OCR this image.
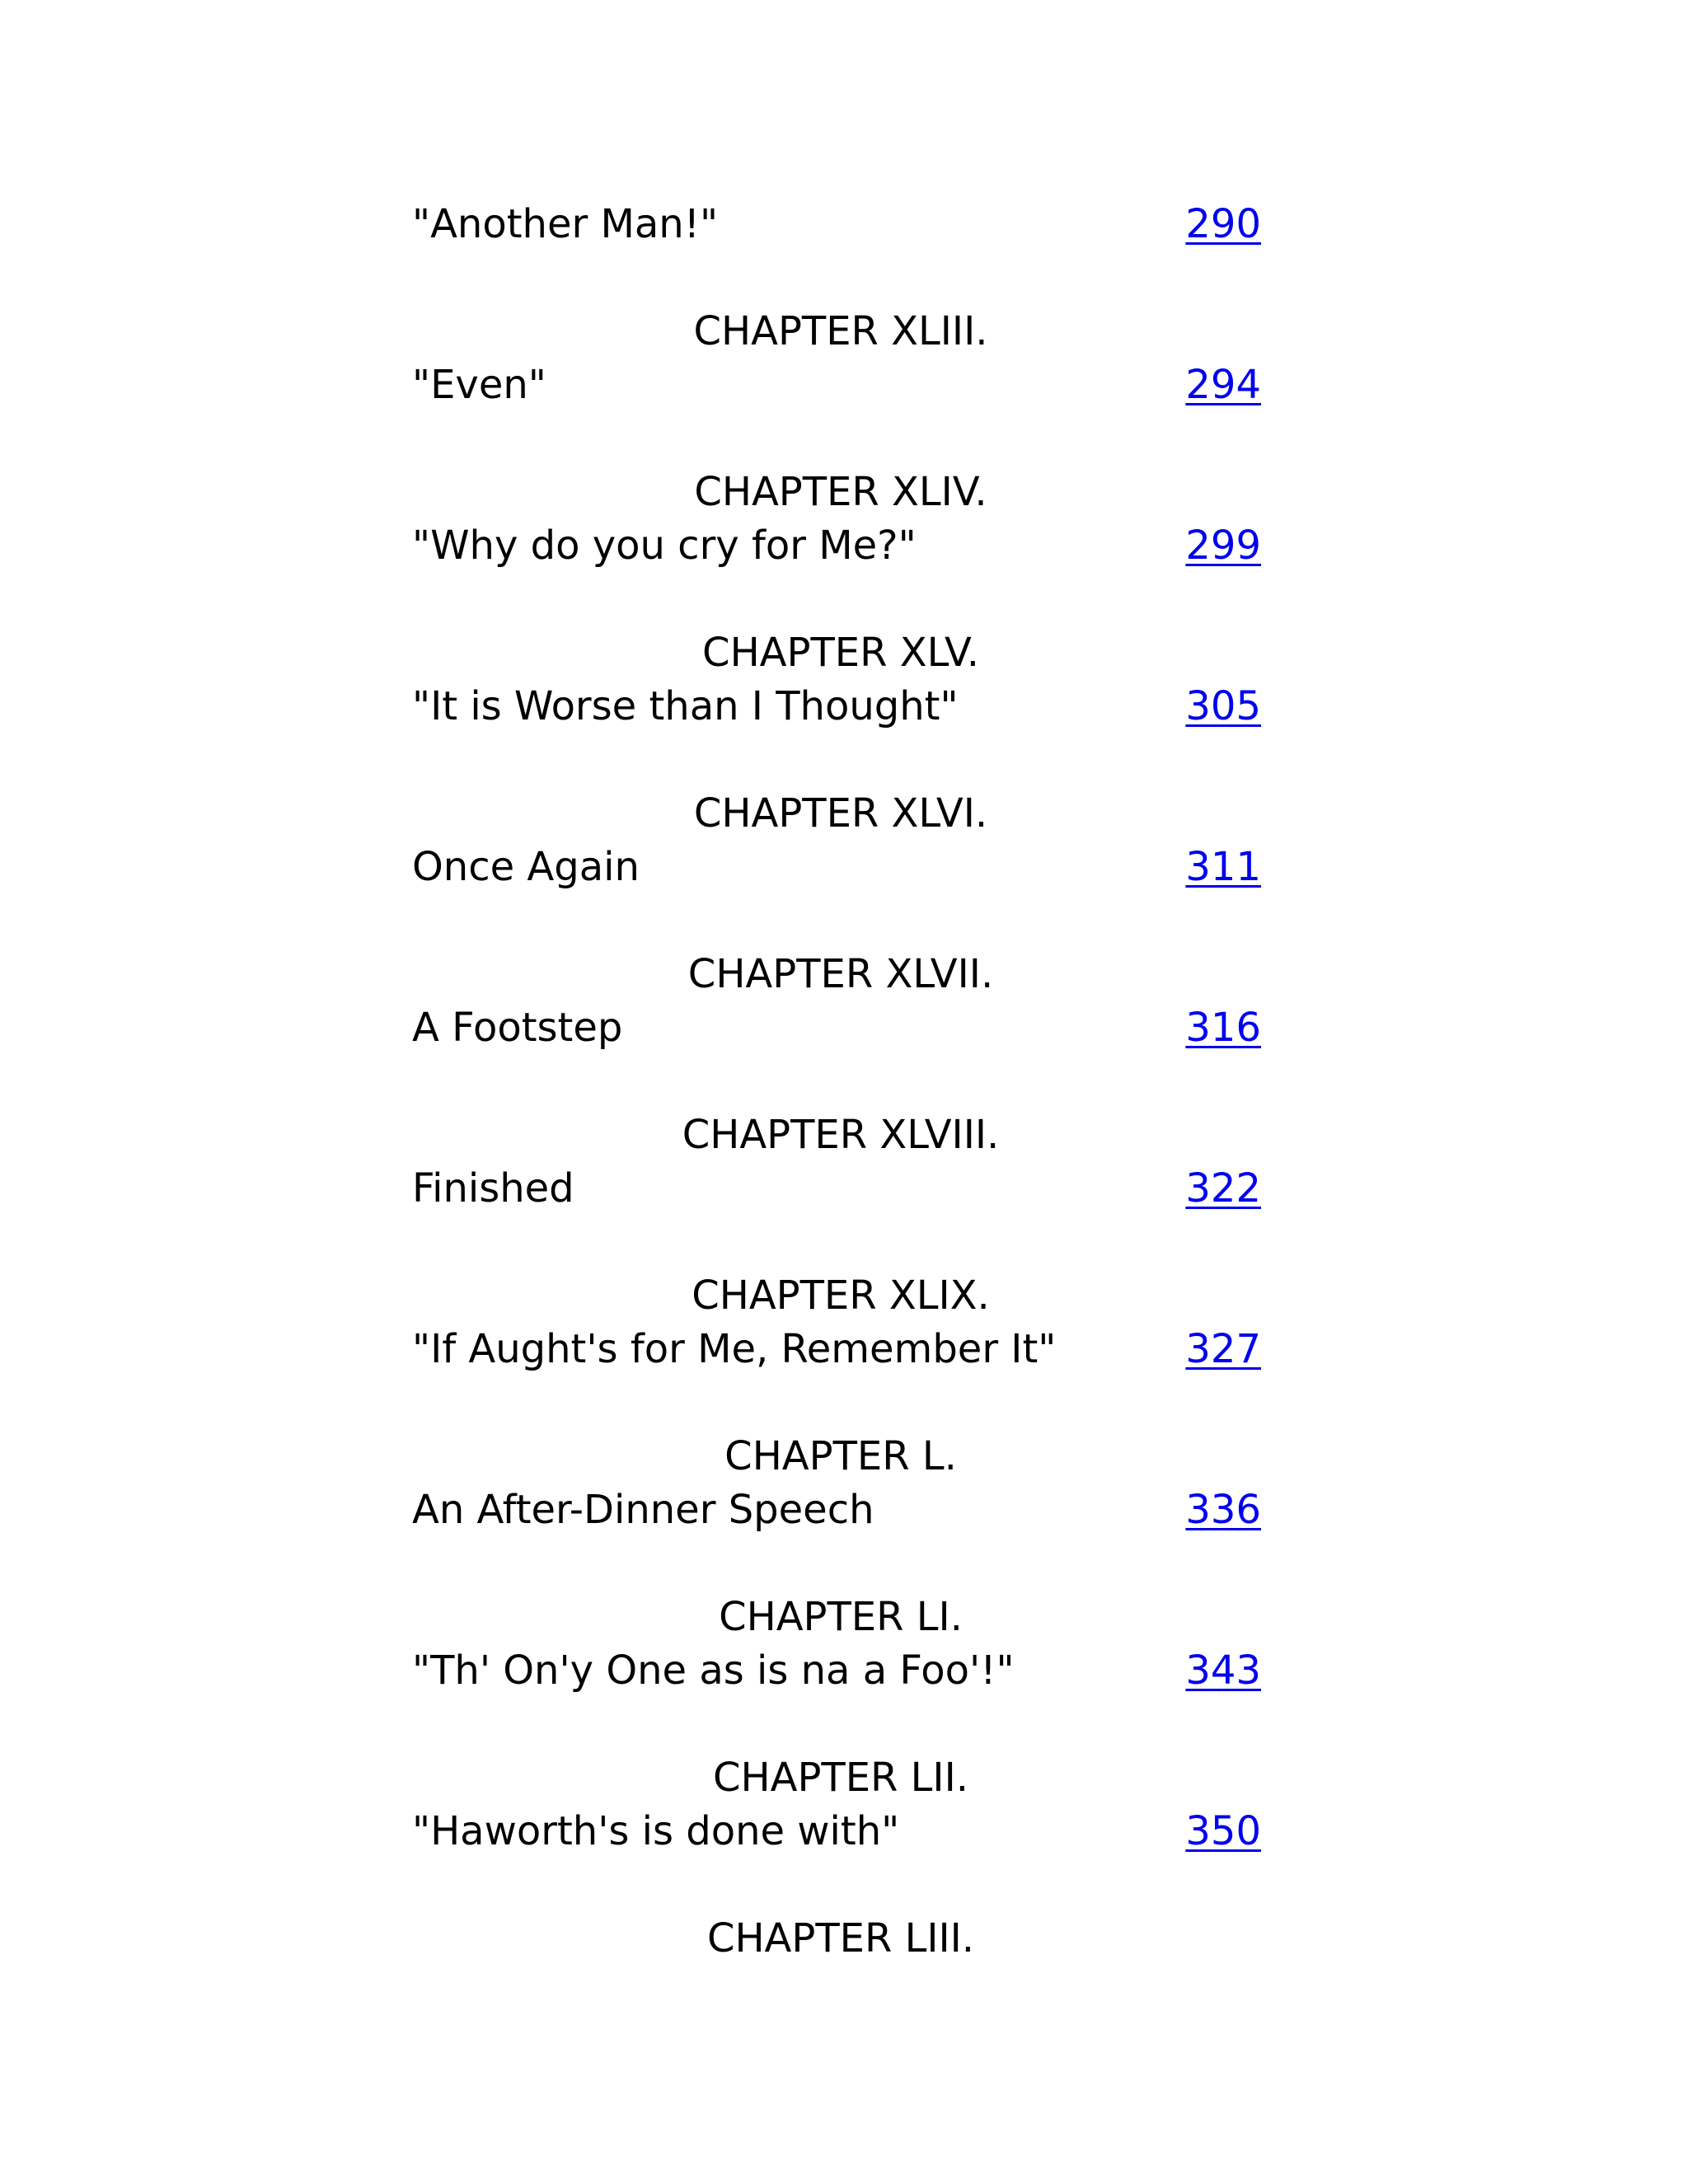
"Another Man!"	290
CHAPTER XLIII.
"Even"	294
CHAPTER XLIV.
"Why do you cry for Me?"	299
CHAPTER XLV.
"It is Worse than I Thought"	305
CHAPTER XLVI.
Once Again	311
CHAPTER XLVII.
A Footstep	316
CHAPTER XLVIII.
Finished	322
CHAPTER XLIX.
"If Aught's for Me, Remember It"	327
CHAPTER L.
An After-Dinner Speech	336
CHAPTER LI.
"Th' On'y One as is na a Foo'!"	343
CHAPTER LII.
"Haworth's is done with"	350
CHAPTER LIII.
